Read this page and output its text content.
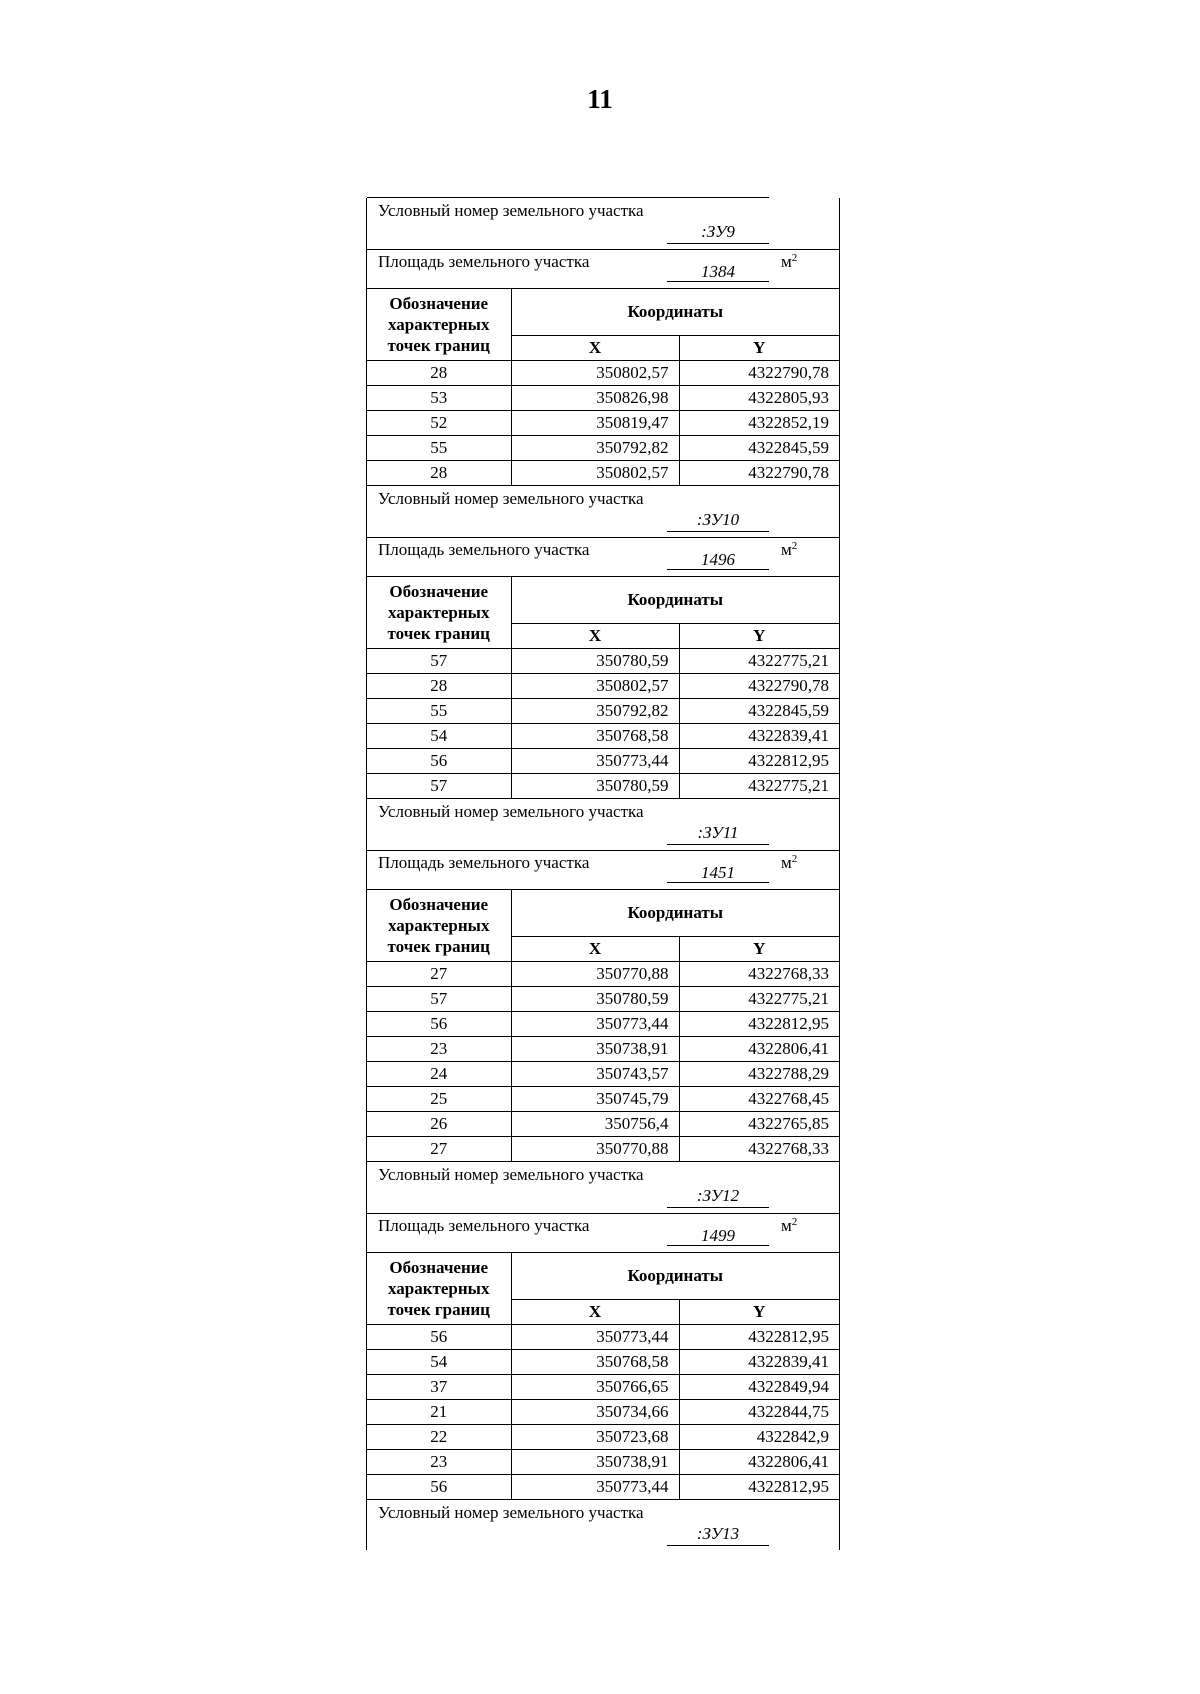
11
Условный номер земельного участка
:ЗУ9
Площадь земельного участка
1384
$м^2$
Обозначение характерных точек границ	Координаты	
	X	Y
28	350802,57	4322790,78
53	350826,98	4322805,93
52	350819,47	4322852,19
55	350792,82	4322845,59
28	350802,57	4322790,78
Условный номер земельного участка
:ЗУ10
Площадь земельного участка
1496
$м^2$
Обозначение характерных точек границ	Координаты	
	X	Y
57	350780,59	4322775,21
28	350802,57	4322790,78
55	350792,82	4322845,59
54	350768,58	4322839,41
56	350773,44	4322812,95
57	350780,59	4322775,21
Условный номер земельного участка
:ЗУ11
Площадь земельного участка
1451
$м^2$
Обозначение характерных точек границ	Координаты	
	X	Y
27	350770,88	4322768,33
57	350780,59	4322775,21
56	350773,44	4322812,95
23	350738,91	4322806,41
24	350743,57	4322788,29
25	350745,79	4322768,45
26	350756,4	4322765,85
27	350770,88	4322768,33
Условный номер земельного участка
:ЗУ12
Площадь земельного участка
1499
$м^2$
Обозначение характерных точек границ	Координаты	
	X	Y
56	350773,44	4322812,95
54	350768,58	4322839,41
37	350766,65	4322849,94
21	350734,66	4322844,75
22	350723,68	4322842,9
23	350738,91	4322806,41
56	350773,44	4322812,95
Условный номер земельного участка
:ЗУ13
